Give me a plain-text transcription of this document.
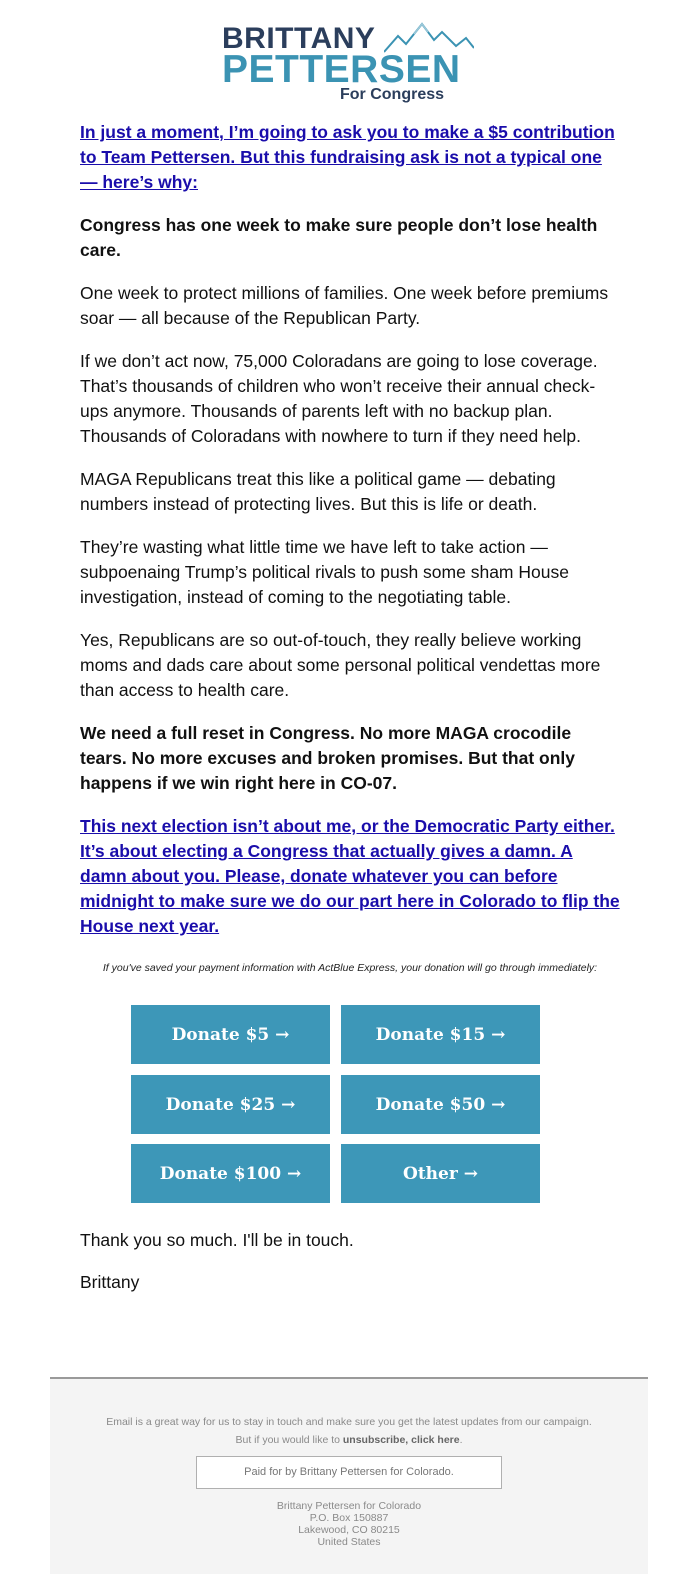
BRITTANY
PETTERSEN
For Congress
In just a moment, I’m going to ask you to make a $5 contribution to Team Pettersen. But this fundraising ask is not a typical one — here’s why:

Congress has one week to make sure people don’t lose health care.

One week to protect millions of families. One week before premiums soar — all because of the Republican Party.

If we don’t act now, 75,000 Coloradans are going to lose coverage. That’s thousands of children who won’t receive their annual check-ups anymore. Thousands of parents left with no backup plan. Thousands of Coloradans with nowhere to turn if they need help.

MAGA Republicans treat this like a political game — debating numbers instead of protecting lives. But this is life or death.

They’re wasting what little time we have left to take action — subpoenaing Trump’s political rivals to push some sham House investigation, instead of coming to the negotiating table.

Yes, Republicans are so out-of-touch, they really believe working moms and dads care about some personal political vendettas more than access to health care.

We need a full reset in Congress. No more MAGA crocodile tears. No more excuses and broken promises. But that only happens if we win right here in CO-07.

This next election isn’t about me, or the Democratic Party either. It’s about electing a Congress that actually gives a damn. A damn about you. Please, donate whatever you can before midnight to make sure we do our part here in Colorado to flip the House next year.
If you've saved your payment information with ActBlue Express, your donation will go through immediately:
Donate $5 →	Donate $15 →
Donate $25 →	Donate $50 →
Donate $100 →	Other →
Thank you so much. I'll be in touch.
Brittany
Email is a great way for us to stay in touch and make sure you get the latest updates from our campaign.
But if you would like to unsubscribe, click here.
Paid for by Brittany Pettersen for Colorado.
Brittany Pettersen for Colorado
P.O. Box 150887
Lakewood, CO 80215
United States
